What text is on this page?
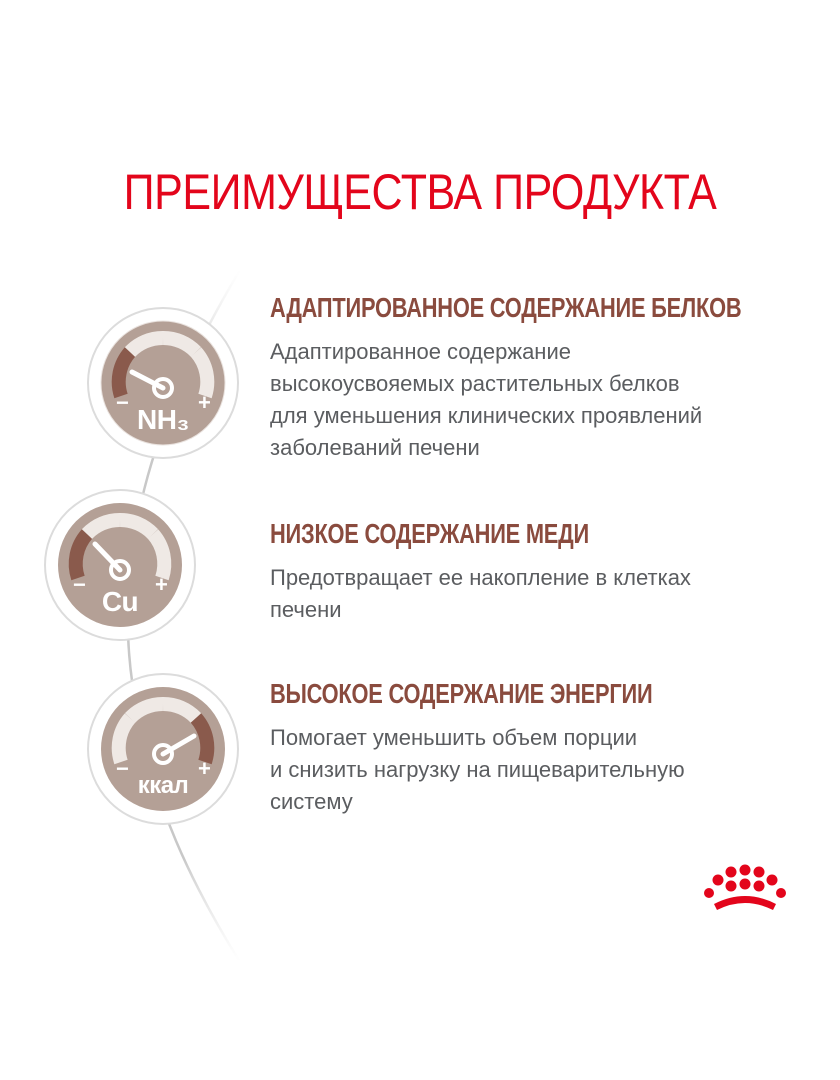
ПРЕИМУЩЕСТВА ПРОДУКТА
−	+
NH₃
−	+
Cu
−	+
ккал
АДАПТИРОВАННОЕ СОДЕРЖАНИЕ БЕЛКОВ

Адаптированное содержание
высокоусвояемых растительных белков
для уменьшения клинических проявлений
заболеваний печени

НИЗКОЕ СОДЕРЖАНИЕ МЕДИ

Предотвращает ее накопление в клетках
печени

ВЫСОКОЕ СОДЕРЖАНИЕ ЭНЕРГИИ

Помогает уменьшить объем порции
и снизить нагрузку на пищеварительную
систему
